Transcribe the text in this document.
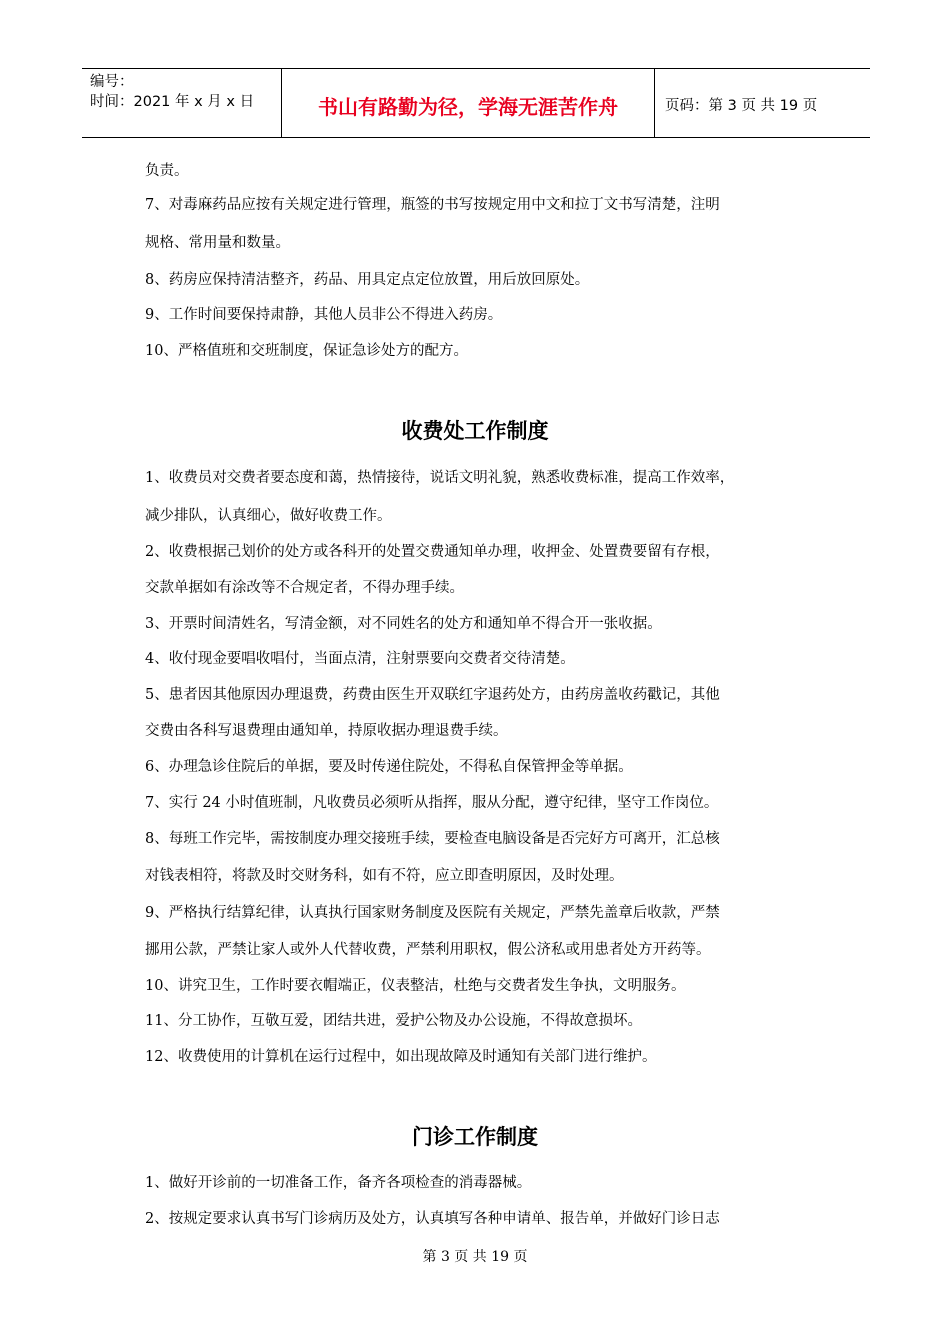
编号：
时间：2021 年 x 月 x 日	书山有路勤为径，学海无涯苦作舟	页码：第 3 页 共 19 页

负责。

7、对毒麻药品应按有关规定进行管理，瓶签的书写按规定用中文和拉丁文书写清楚，注明

规格、常用量和数量。

8、药房应保持清洁整齐，药品、用具定点定位放置，用后放回原处。

9、工作时间要保持肃静，其他人员非公不得进入药房。

10、严格值班和交班制度，保证急诊处方的配方。

收费处工作制度

1、收费员对交费者要态度和蔼，热情接待，说话文明礼貌，熟悉收费标准，提高工作效率，

减少排队，认真细心，做好收费工作。

2、收费根据己划价的处方或各科开的处置交费通知单办理，收押金、处置费要留有存根，

交款单据如有涂改等不合规定者，不得办理手续。

3、开票时间清姓名，写清金额，对不同姓名的处方和通知单不得合开一张收据。

4、收付现金要唱收唱付，当面点清，注射票要向交费者交待清楚。

5、患者因其他原因办理退费，药费由医生开双联红字退药处方，由药房盖收药戳记，其他

交费由各科写退费理由通知单，持原收据办理退费手续。

6、办理急诊住院后的单据，要及时传递住院处，不得私自保管押金等单据。

7、实行 24 小时值班制，凡收费员必须听从指挥，服从分配，遵守纪律，坚守工作岗位。

8、每班工作完毕，需按制度办理交接班手续，要检查电脑设备是否完好方可离开，汇总核

对钱表相符，将款及时交财务科，如有不符，应立即查明原因，及时处理。

9、严格执行结算纪律，认真执行国家财务制度及医院有关规定，严禁先盖章后收款，严禁

挪用公款，严禁让家人或外人代替收费，严禁利用职权，假公济私或用患者处方开药等。

10、讲究卫生，工作时要衣帽端正，仪表整洁，杜绝与交费者发生争执，文明服务。

11、分工协作，互敬互爱，团结共进，爱护公物及办公设施，不得故意损坏。

12、收费使用的计算机在运行过程中，如出现故障及时通知有关部门进行维护。

门诊工作制度

1、做好开诊前的一切准备工作，备齐各项检查的消毒器械。

2、按规定要求认真书写门诊病历及处方，认真填写各种申请单、报告单，并做好门诊日志

第 3 页 共 19 页
